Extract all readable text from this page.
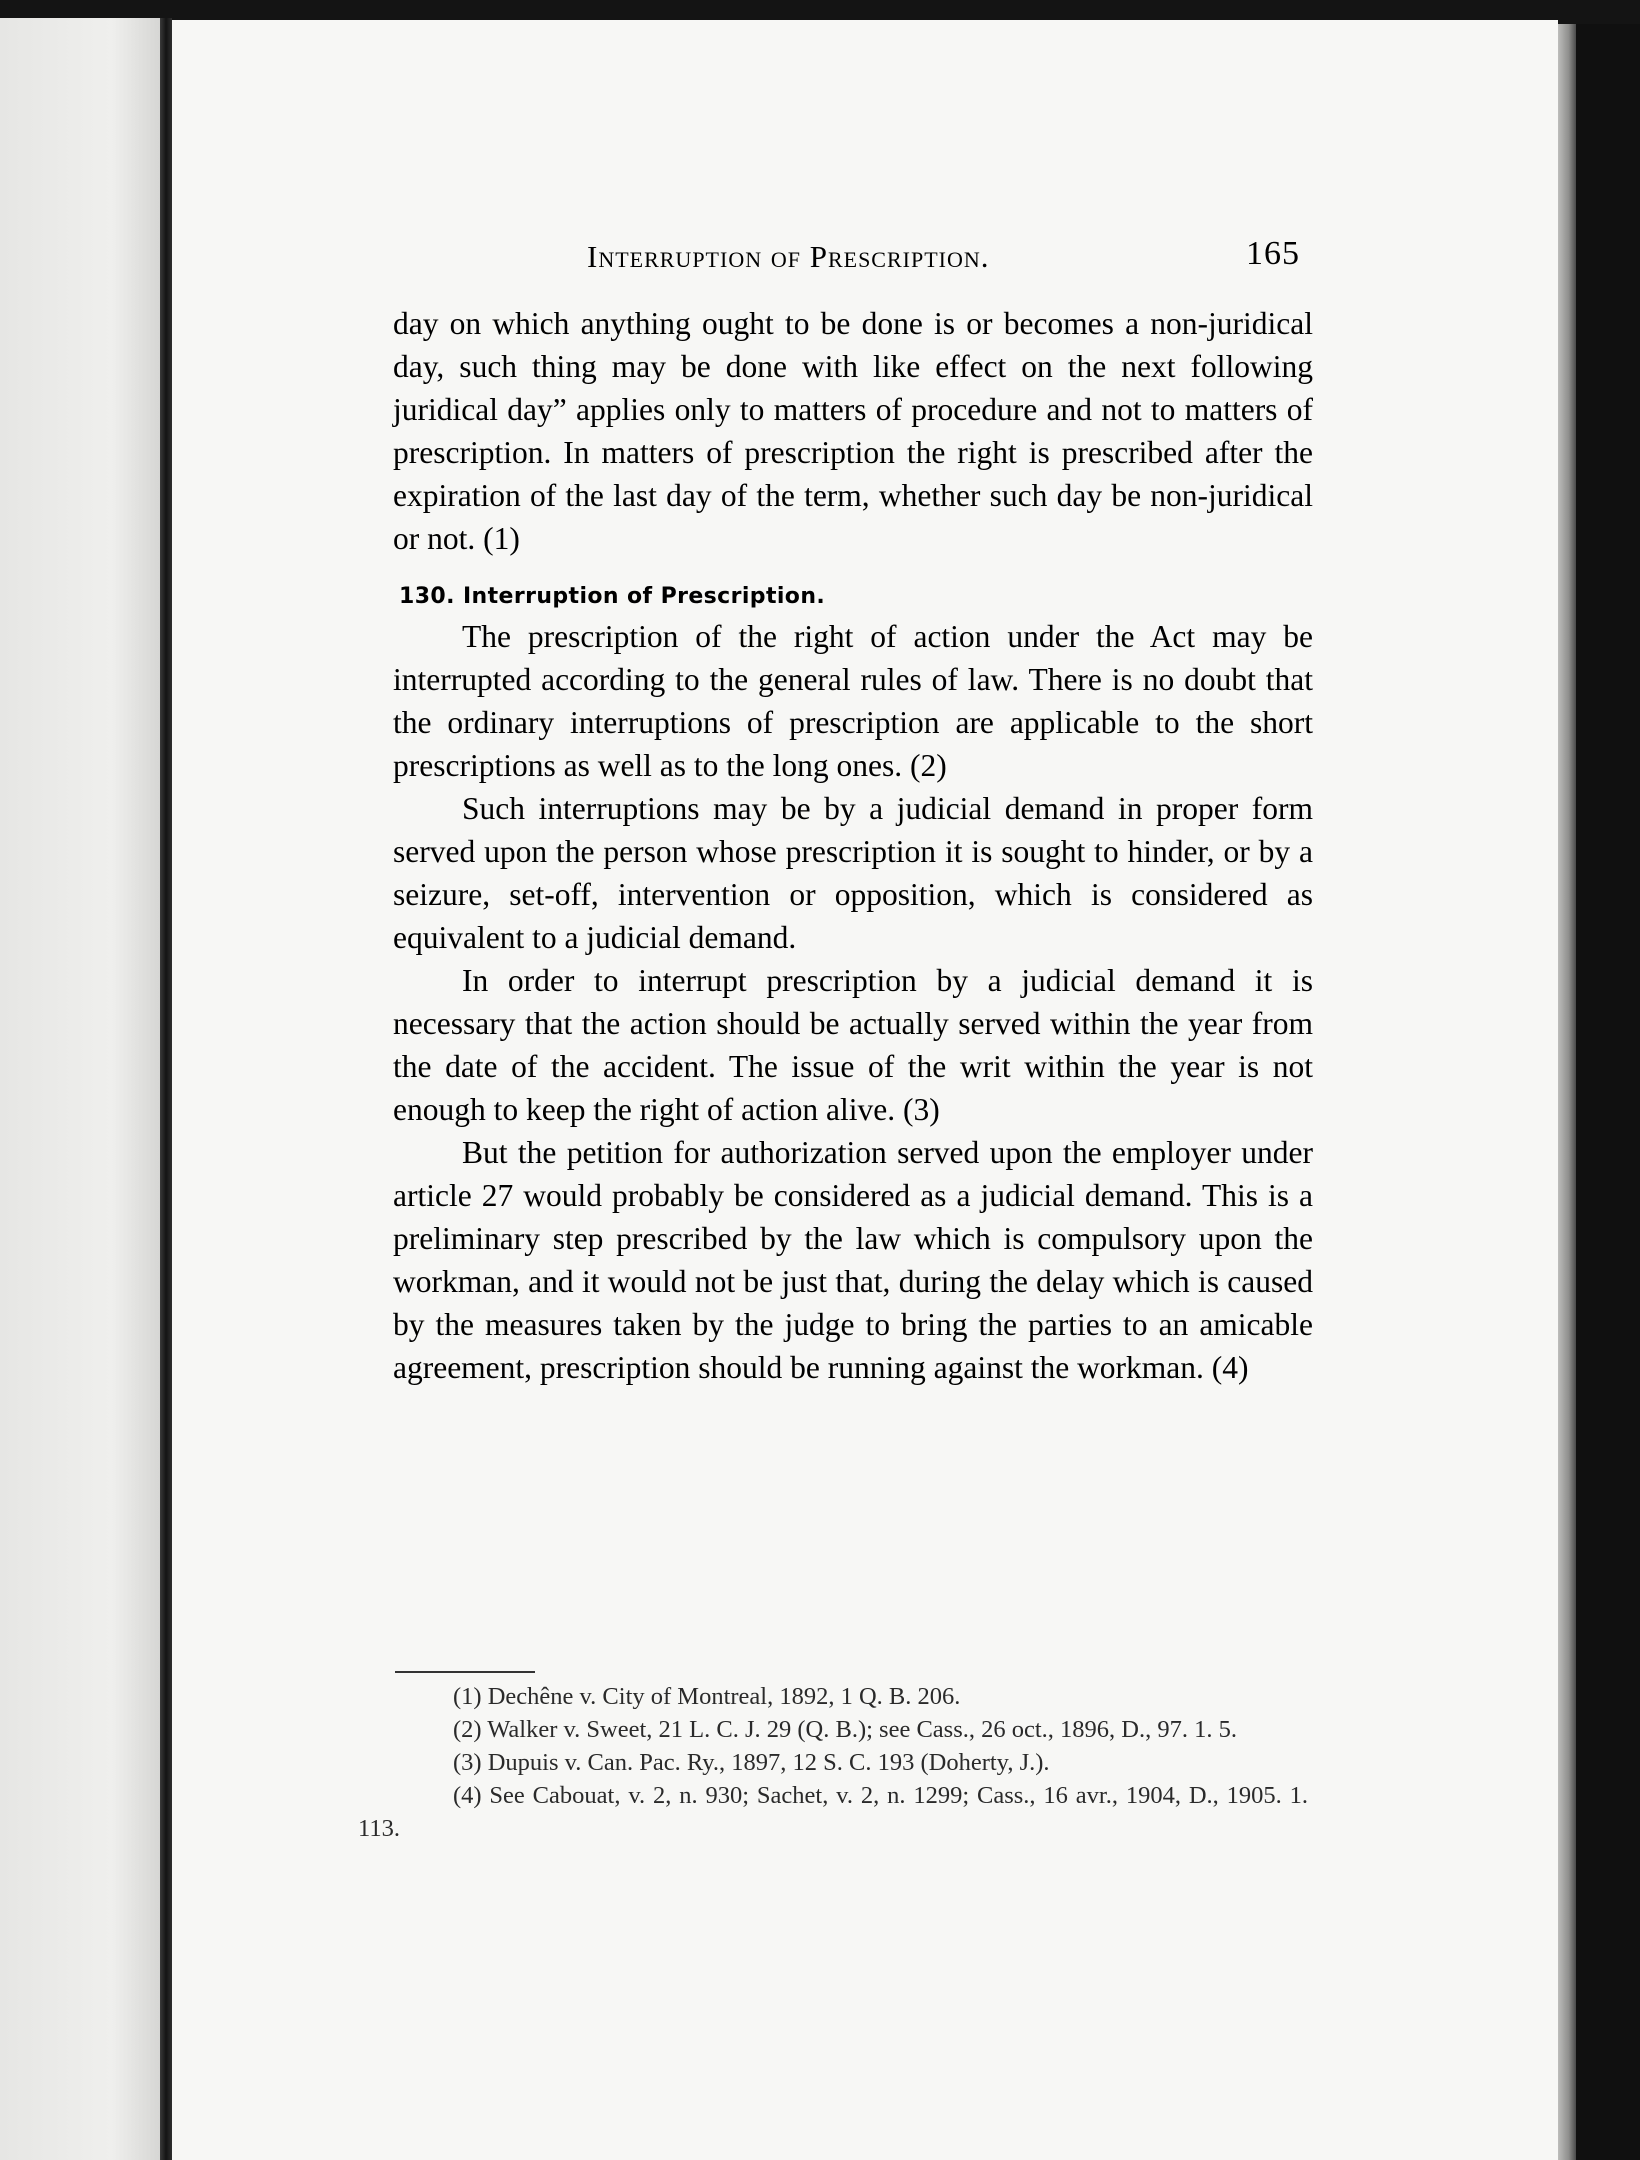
Interruption of Prescription.	165

day on which anything ought to be done is or becomes a non-juridical day, such thing may be done with like effect on the next following juridical day” applies only to matters of procedure and not to matters of prescription. In matters of prescription the right is prescribed after the expiration of the last day of the term, whether such day be non-juridical or not. (1)

130. Interruption of Prescription.

The prescription of the right of action under the Act may be interrupted according to the general rules of law. There is no doubt that the ordinary interruptions of prescription are applicable to the short prescriptions as well as to the long ones. (2)

Such interruptions may be by a judicial demand in proper form served upon the person whose prescription it is sought to hinder, or by a seizure, set-off, intervention or opposition, which is considered as equivalent to a judicial demand.

In order to interrupt prescription by a judicial demand it is necessary that the action should be actually served within the year from the date of the accident. The issue of the writ within the year is not enough to keep the right of action alive. (3)

But the petition for authorization served upon the employer under article 27 would probably be considered as a judicial demand. This is a preliminary step prescribed by the law which is compulsory upon the workman, and it would not be just that, during the delay which is caused by the measures taken by the judge to bring the parties to an amicable agreement, prescription should be running against the workman. (4)

(1) Dechêne v. City of Montreal, 1892, 1 Q. B. 206.

(2) Walker v. Sweet, 21 L. C. J. 29 (Q. B.); see Cass., 26 oct., 1896, D., 97. 1. 5.

(3) Dupuis v. Can. Pac. Ry., 1897, 12 S. C. 193 (Doherty, J.).

(4) See Cabouat, v. 2, n. 930; Sachet, v. 2, n. 1299; Cass., 16 avr., 1904, D., 1905. 1. 113.
